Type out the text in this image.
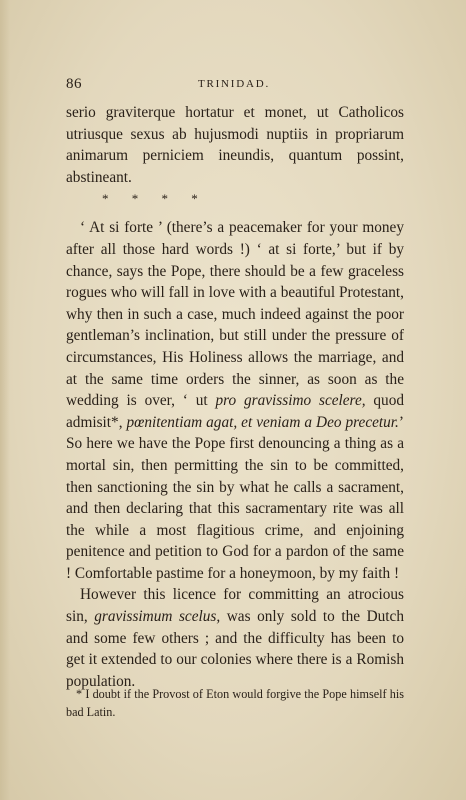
86	TRINIDAD.

serio graviterque hortatur et monet, ut Catholicos utriusque sexus ab hujusmodi nuptiis in propriarum animarum perniciem ineundis, quantum possint, abstineant.

* * * *

‘ At si forte ’ (there’s a peacemaker for your money after all those hard words !) ‘ at si forte,’ but if by chance, says the Pope, there should be a few graceless rogues who will fall in love with a beautiful Protestant, why then in such a case, much indeed against the poor gentleman’s inclination, but still under the pressure of circumstances, His Holiness allows the marriage, and at the same time orders the sinner, as soon as the wedding is over, ‘ ut pro gravissimo scelere, quod admisit*, pœnitentiam agat, et veniam a Deo precetur.’ So here we have the Pope first denouncing a thing as a mortal sin, then permitting the sin to be committed, then sanctioning the sin by what he calls a sacrament, and then declaring that this sacramentary rite was all the while a most flagitious crime, and enjoining penitence and petition to God for a pardon of the same ! Comfortable pastime for a honeymoon, by my faith !

However this licence for committing an atrocious sin, gravissimum scelus, was only sold to the Dutch and some few others ; and the difficulty has been to get it extended to our colonies where there is a Romish population.

* I doubt if the Provost of Eton would forgive the Pope himself his bad Latin.
